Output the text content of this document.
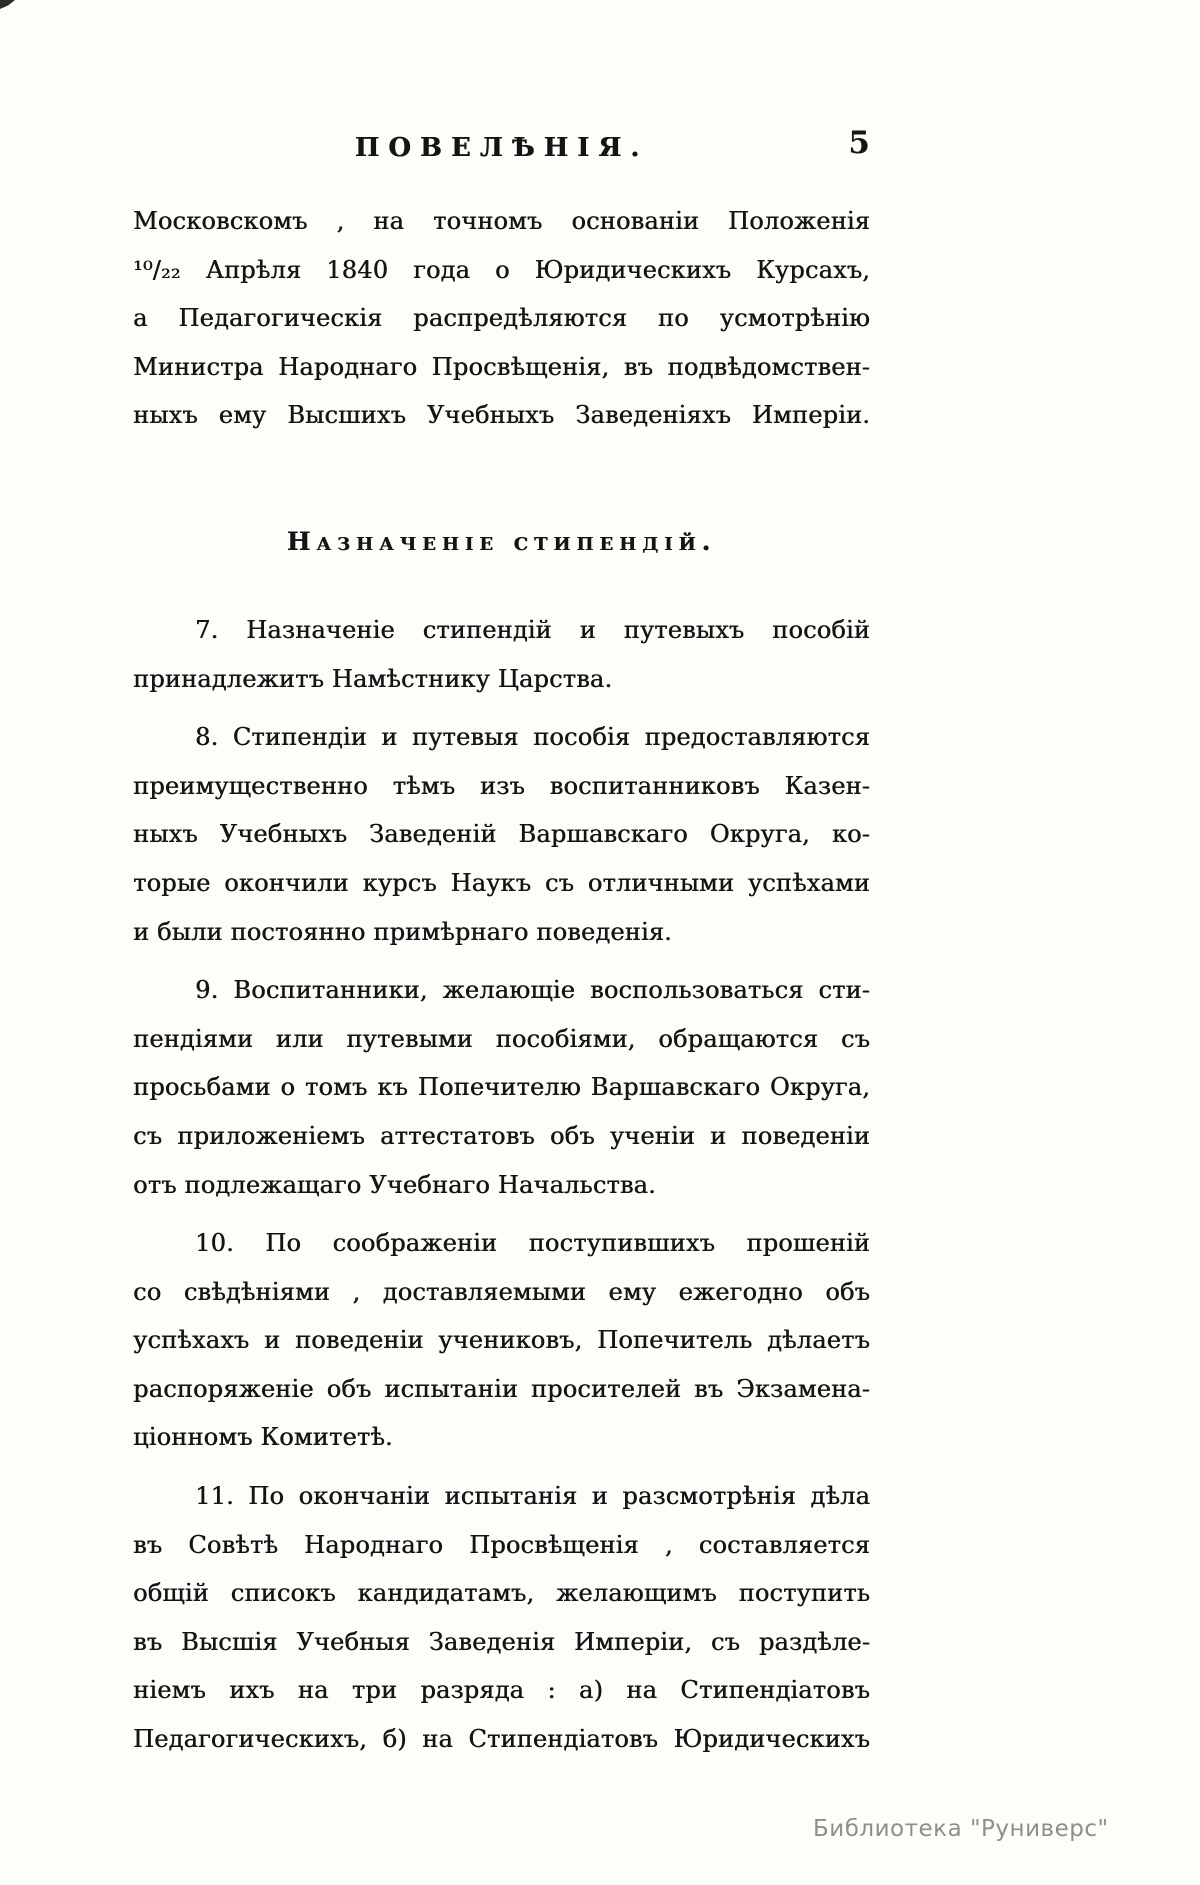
ПОВЕЛѢНІЯ.	5
Московскомъ , на точномъ основаніи Положенія
¹⁰/₂₂ Апрѣля 1840 года о Юридическихъ Курсахъ,
а Педагогическія распредѣляются по усмотрѣнію
Министра Народнаго Просвѣщенія, въ подвѣдомствен-
ныхъ ему Высшихъ Учебныхъ Заведеніяхъ Имперіи.
Назначеніе стипендій.
7. Назначеніе стипендій и путевыхъ пособій
принадлежитъ Намѣстнику Царства.
8. Стипендіи и путевыя пособія предоставляются
преимущественно тѣмъ изъ воспитанниковъ Казен-
ныхъ Учебныхъ Заведеній Варшавскаго Округа, ко-
торые окончили курсъ Наукъ съ отличными успѣхами
и были постоянно примѣрнаго поведенія.
9. Воспитанники, желающіе воспользоваться сти-
пендіями или путевыми пособіями, обращаются съ
просьбами о томъ къ Попечителю Варшавскаго Округа,
съ приложеніемъ аттестатовъ объ ученіи и поведеніи
отъ подлежащаго Учебнаго Начальства.
10. По соображеніи поступившихъ прошеній
со свѣдѣніями , доставляемыми ему ежегодно объ
успѣхахъ и поведеніи учениковъ, Попечитель дѣлаетъ
распоряженіе объ испытаніи просителей въ Экзамена-
ціонномъ Комитетѣ.
11. По окончаніи испытанія и разсмотрѣнія дѣла
въ Совѣтѣ Народнаго Просвѣщенія , составляется
общій списокъ кандидатамъ, желающимъ поступить
въ Высшія Учебныя Заведенія Имперіи, съ раздѣле-
ніемъ ихъ на три разряда : а) на Стипендіатовъ
Педагогическихъ, б) на Стипендіатовъ Юридическихъ
Библиотека "Руниверс"
